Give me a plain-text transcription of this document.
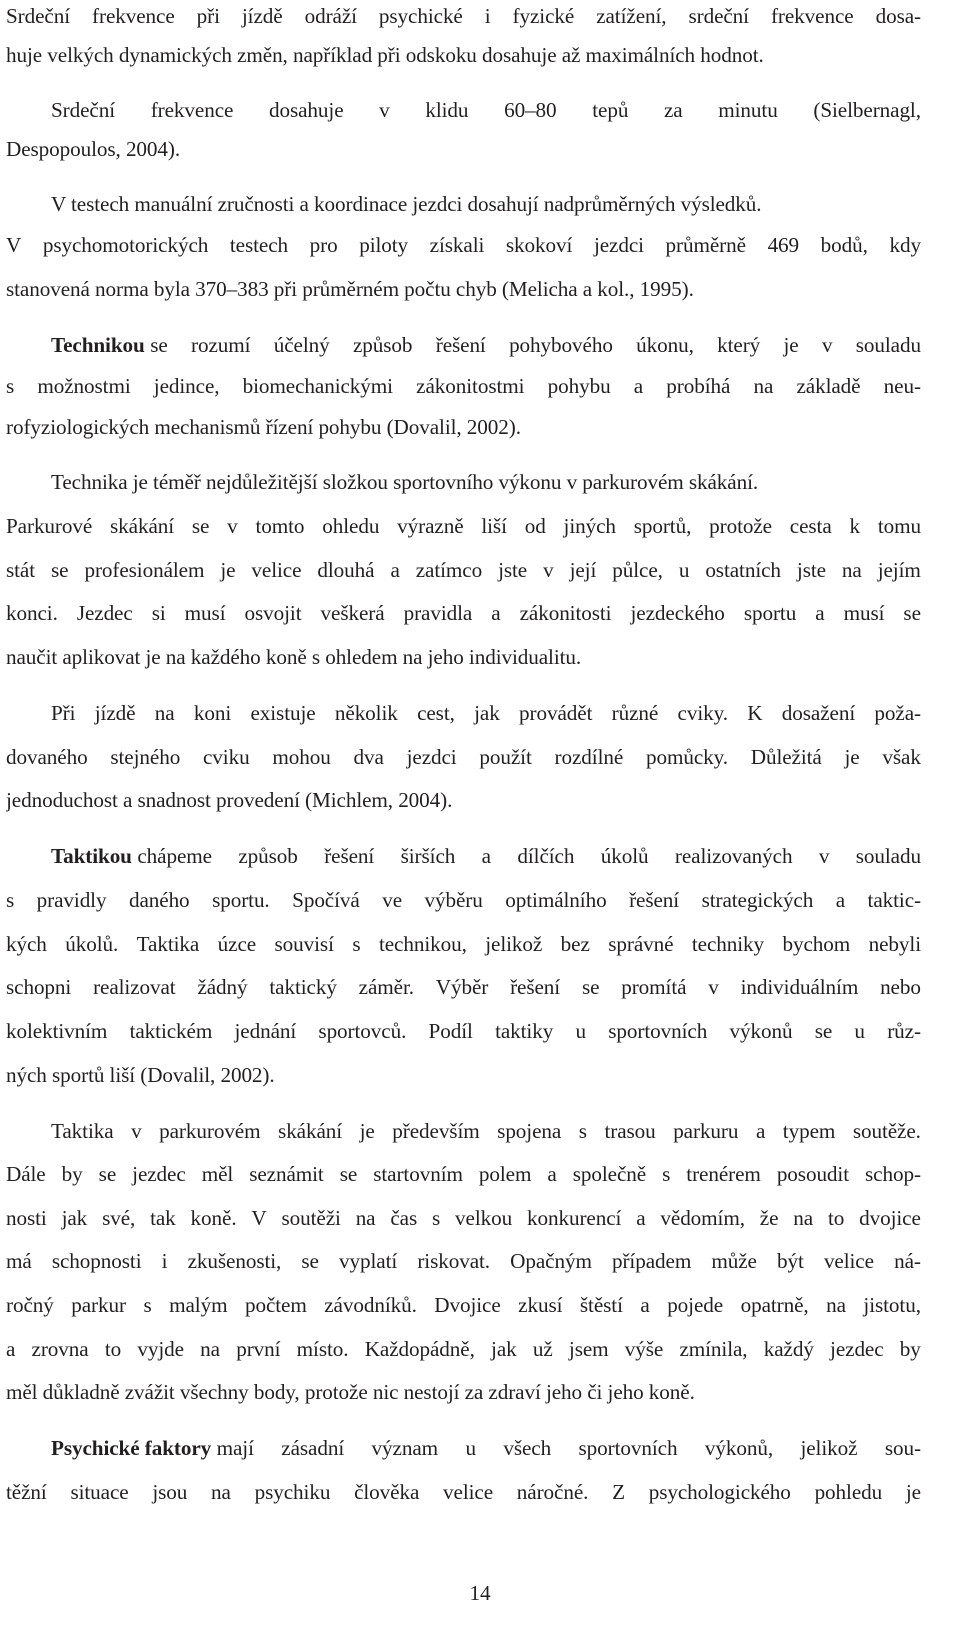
Srdeční frekvence při jízdě odráží psychické i fyzické zatížení, srdeční frekvence dosa-
huje velkých dynamických změn, například při odskoku dosahuje až maximálních hodnot.
Srdeční frekvence dosahuje v klidu 60–80 tepů za minutu (Sielbernagl,
Despopoulos, 2004).
V testech manuální zručnosti a koordinace jezdci dosahují nadprůměrných výsledků.
V psychomotorických testech pro piloty získali skokoví jezdci průměrně 469 bodů, kdy
stanovená norma byla 370–383 při průměrném počtu chyb (Melicha a kol., 1995).
Technikou se rozumí účelný způsob řešení pohybového úkonu, který je v souladu
s možnostmi jedince, biomechanickými zákonitostmi pohybu a probíhá na základě neu-
rofyziologických mechanismů řízení pohybu (Dovalil, 2002).
Technika je téměř nejdůležitější složkou sportovního výkonu v parkurovém skákání.
Parkurové skákání se v tomto ohledu výrazně liší od jiných sportů, protože cesta k tomu
stát se profesionálem je velice dlouhá a zatímco jste v její půlce, u ostatních jste na jejím
konci. Jezdec si musí osvojit veškerá pravidla a zákonitosti jezdeckého sportu a musí se
naučit aplikovat je na každého koně s ohledem na jeho individualitu.
Při jízdě na koni existuje několik cest, jak provádět různé cviky. K dosažení poža-
dovaného stejného cviku mohou dva jezdci použít rozdílné pomůcky. Důležitá je však
jednoduchost a snadnost provedení (Michlem, 2004).
Taktikou chápeme způsob řešení širších a dílčích úkolů realizovaných v souladu
s pravidly daného sportu. Spočívá ve výběru optimálního řešení strategických a taktic-
kých úkolů. Taktika úzce souvisí s technikou, jelikož bez správné techniky bychom nebyli
schopni realizovat žádný taktický záměr. Výběr řešení se promítá v individuálním nebo
kolektivním taktickém jednání sportovců. Podíl taktiky u sportovních výkonů se u růz-
ných sportů liší (Dovalil, 2002).
Taktika v parkurovém skákání je především spojena s trasou parkuru a typem soutěže.
Dále by se jezdec měl seznámit se startovním polem a společně s trenérem posoudit schop-
nosti jak své, tak koně. V soutěži na čas s velkou konkurencí a vědomím, že na to dvojice
má schopnosti i zkušenosti, se vyplatí riskovat. Opačným případem může být velice ná-
ročný parkur s malým počtem závodníků. Dvojice zkusí štěstí a pojede opatrně, na jistotu,
a zrovna to vyjde na první místo. Každopádně, jak už jsem výše zmínila, každý jezdec by
měl důkladně zvážit všechny body, protože nic nestojí za zdraví jeho či jeho koně.
Psychické faktory mají zásadní význam u všech sportovních výkonů, jelikož sou-
těžní situace jsou na psychiku člověka velice náročné. Z psychologického pohledu je
14
